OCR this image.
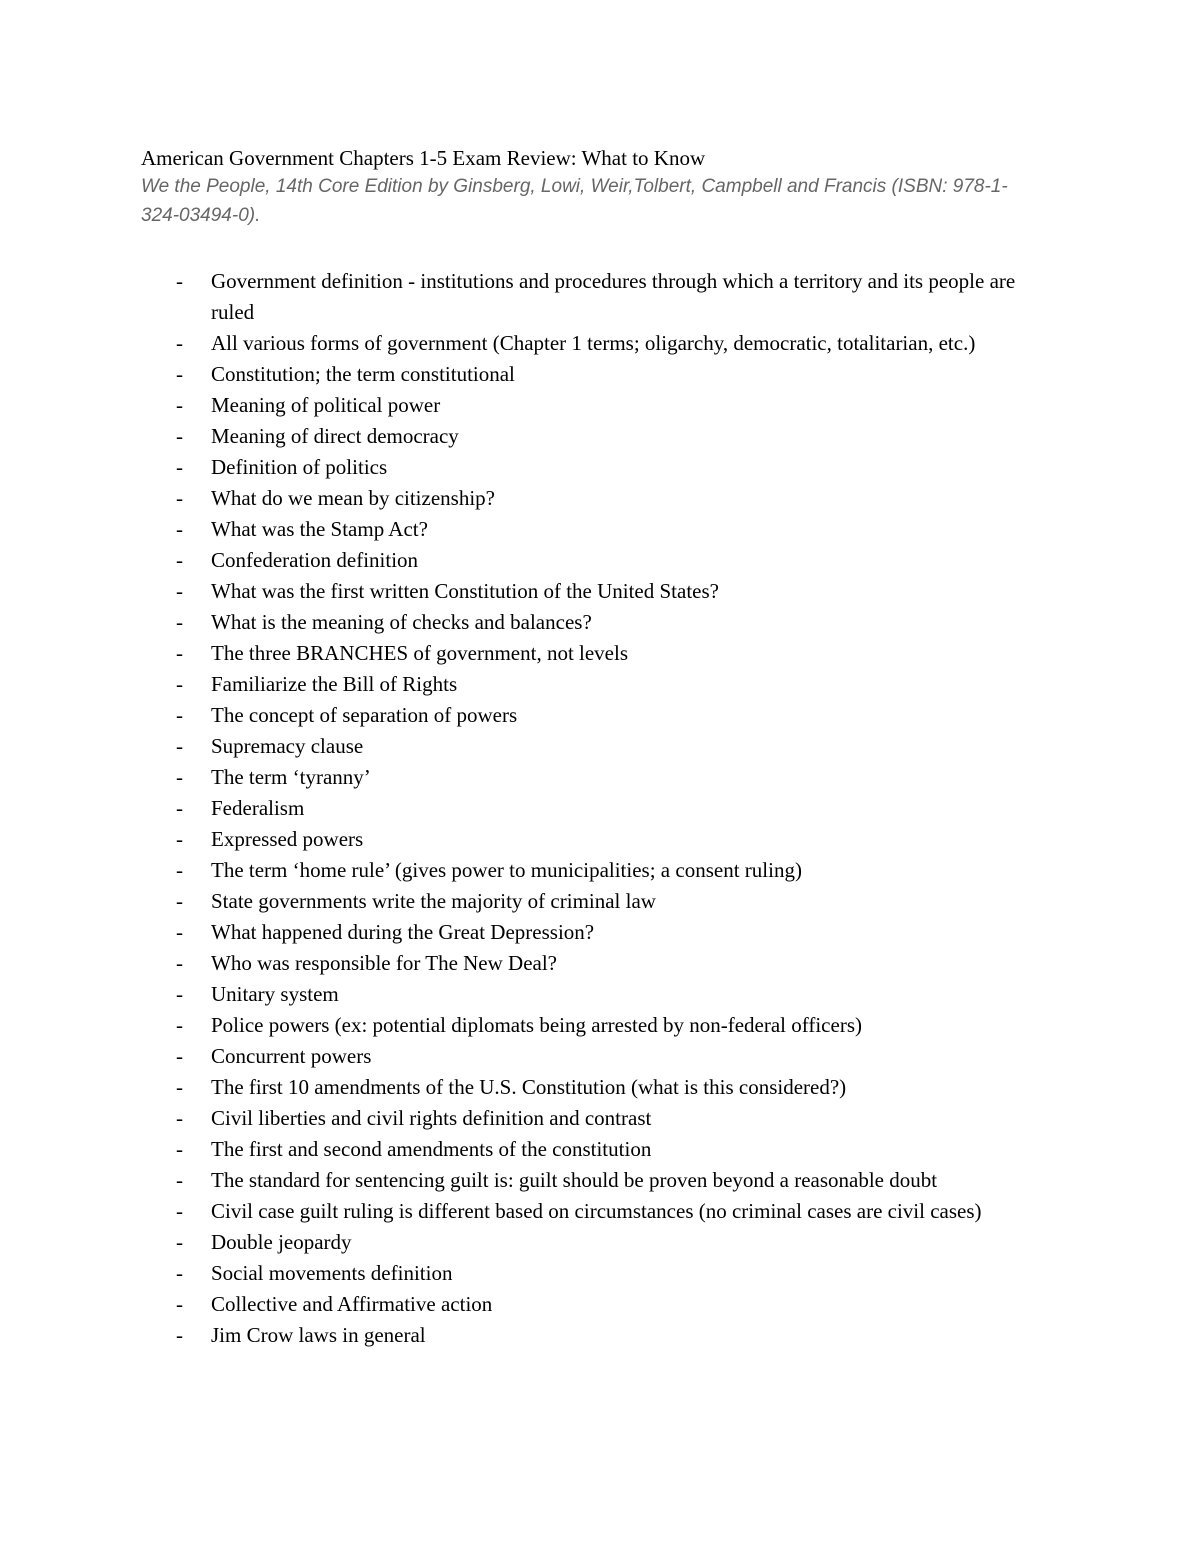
American Government Chapters 1-5 Exam Review: What to Know
We the People, 14th Core Edition by Ginsberg, Lowi, Weir,Tolbert, Campbell and Francis (ISBN: 978-1-324-03494-0).
- Government definition - institutions and procedures through which a territory and its people are ruled
- All various forms of government (Chapter 1 terms; oligarchy, democratic, totalitarian, etc.)
- Constitution; the term constitutional
- Meaning of political power
- Meaning of direct democracy
- Definition of politics
- What do we mean by citizenship?
- What was the Stamp Act?
- Confederation definition
- What was the first written Constitution of the United States?
- What is the meaning of checks and balances?
- The three BRANCHES of government, not levels
- Familiarize the Bill of Rights
- The concept of separation of powers
- Supremacy clause
- The term ‘tyranny’
- Federalism
- Expressed powers
- The term ‘home rule’ (gives power to municipalities; a consent ruling)
- State governments write the majority of criminal law
- What happened during the Great Depression?
- Who was responsible for The New Deal?
- Unitary system
- Police powers (ex: potential diplomats being arrested by non-federal officers)
- Concurrent powers
- The first 10 amendments of the U.S. Constitution (what is this considered?)
- Civil liberties and civil rights definition and contrast
- The first and second amendments of the constitution
- The standard for sentencing guilt is: guilt should be proven beyond a reasonable doubt
- Civil case guilt ruling is different based on circumstances (no criminal cases are civil cases)
- Double jeopardy
- Social movements definition
- Collective and Affirmative action
- Jim Crow laws in general
